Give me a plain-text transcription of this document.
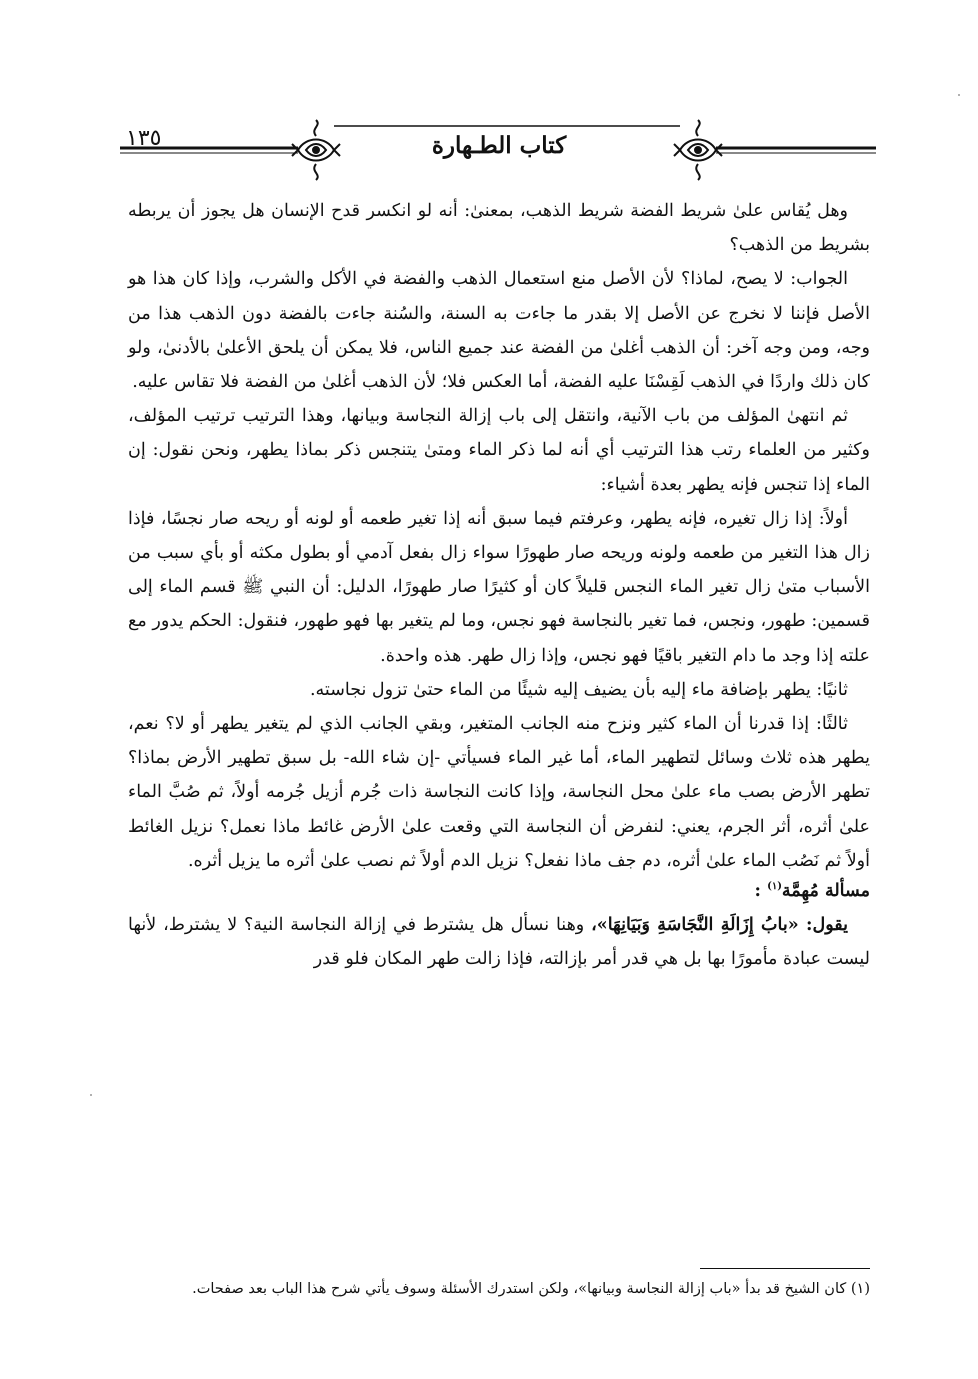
١٣٥	كتاب الطـهارة

وهل يُقاس علىٰ شريط الفضة شريط الذهب، بمعنىٰ: أنه لو انكسر قدح الإنسان هل يجوز أن يربطه بشريط من الذهب؟

الجواب: لا يصح، لماذا؟ لأن الأصل منع استعمال الذهب والفضة في الأكل والشرب، وإذا كان هذا هو الأصل فإننا لا نخرج عن الأصل إلا بقدر ما جاءت به السنة، والسُنة جاءت بالفضة دون الذهب هذا من وجه، ومن وجه آخر: أن الذهب أغلىٰ من الفضة عند جميع الناس، فلا يمكن أن يلحق الأعلىٰ بالأدنىٰ، ولو كان ذلك واردًا في الذهب لَقِسْنَا عليه الفضة، أما العكس فلا؛ لأن الذهب أغلىٰ من الفضة فلا تقاس عليه.

ثم انتهىٰ المؤلف من باب الآنية، وانتقل إلى باب إزالة النجاسة وبيانها، وهذا الترتيب ترتيب المؤلف، وكثير من العلماء رتب هذا الترتيب أي أنه لما ذكر الماء ومتىٰ يتنجس ذكر بماذا يطهر، ونحن نقول: إن الماء إذا تنجس فإنه يطهر بعدة أشياء:

أولاً: إذا زال تغيره، فإنه يطهر، وعرفتم فيما سبق أنه إذا تغير طعمه أو لونه أو ريحه صار نجسًا، فإذا زال هذا التغير من طعمه ولونه وريحه صار طهورًا سواء زال بفعل آدمي أو بطول مكثه أو بأي سبب من الأسباب متىٰ زال تغير الماء النجس قليلاً كان أو كثيرًا صار طهورًا، الدليل: أن النبي ﷺ قسم الماء إلى قسمين: طهور، ونجس، فما تغير بالنجاسة فهو نجس، وما لم يتغير بها فهو طهور، فنقول: الحكم يدور مع علته إذا وجد ما دام التغير باقيًا فهو نجس، وإذا زال طهر. هذه واحدة.

ثانيًا: يطهر بإضافة ماء إليه بأن يضيف إليه شيئًا من الماء حتىٰ تزول نجاسته.

ثالثًا: إذا قدرنا أن الماء كثير ونزح منه الجانب المتغير، وبقي الجانب الذي لم يتغير يطهر أو لا؟ نعم، يطهر هذه ثلاث وسائل لتطهير الماء، أما غير الماء فسيأتي -إن شاء الله- بل سبق تطهير الأرض بماذا؟ تطهر الأرض بصب ماء علىٰ محل النجاسة، وإذا كانت النجاسة ذات جُرم أزيل جُرمه أولاً، ثم صُبَّ الماء علىٰ أثره، أثر الجرم، يعني: لنفرض أن النجاسة التي وقعت علىٰ الأرض غائط ماذا نعمل؟ نزيل الغائط أولاً ثم نَصُب الماء علىٰ أثره، دم جف ماذا نفعل؟ نزيل الدم أولاً ثم نصب علىٰ أثره ما يزيل أثره.

مسألة مُهِمَّة$^{(١)}$ :

يقول: «بابُ إِزَالَةِ النَّجَاسَةِ وَبَيَانِهَا»، وهنا نسأل هل يشترط في إزالة النجاسة النية؟ لا يشترط، لأنها ليست عبادة مأمورًا بها بل هي قدر أمر بإزالته، فإذا زالت طهر المكان فلو قدر

(١) كان الشيخ قد بدأ «باب إزالة النجاسة وبيانها»، ولكن استدرك الأسئلة وسوف يأتي شرح هذا الباب بعد صفحات.
